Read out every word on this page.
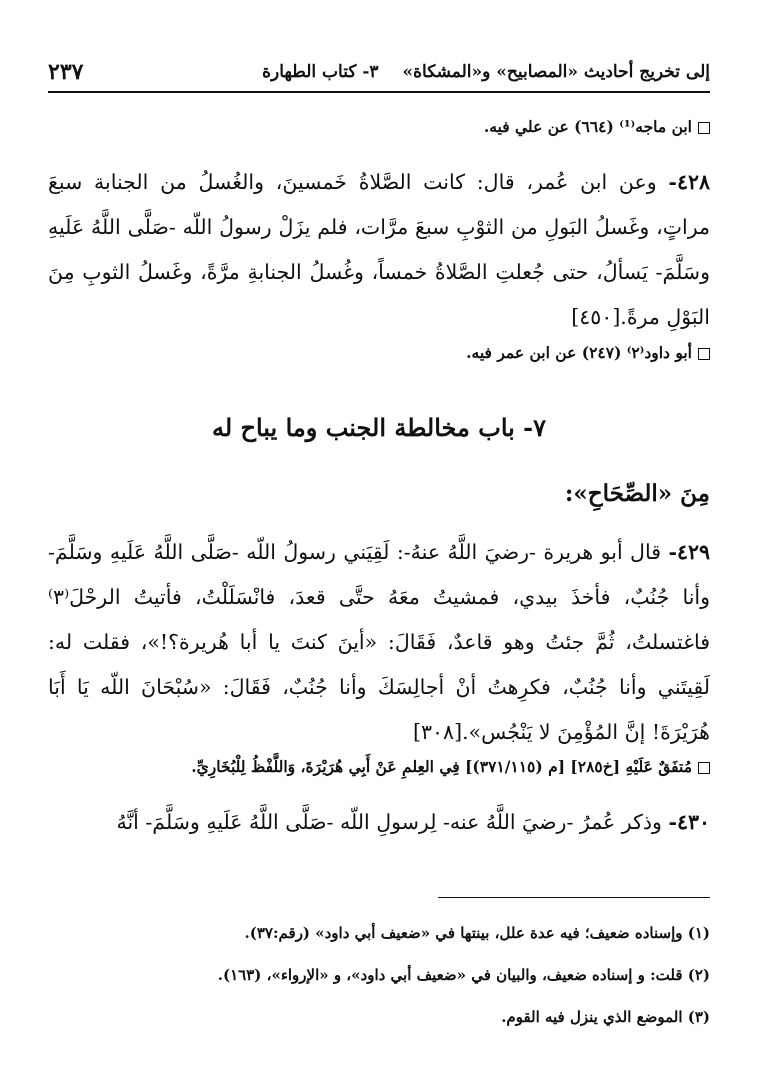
إلى تخريج أحاديث «المصابيح» و«المشكاة» ٣- كتاب الطهارة
٢٣٧
ابن ماجه⁽¹⁾ (٦٦٤) عن علي فيه.
٤٢٨- وعن ابن عُمر، قال: كانت الصَّلاةُ خَمسينَ، والغُسلُ من الجنابة سبعَ مراتٍ، وغَسلُ البَولِ من الثوْبِ سبعَ مرَّات، فلم يزَلْ رسولُ اللّه -صَلَّى اللَّهُ عَلَيهِ وسَلَّمَ- يَسألُ، حتى جُعلتِ الصَّلاةُ خمساً، وغُسلُ الجنابةِ مرَّةً، وغَسلُ الثوبِ مِنَ البَوْلِ مرةً.[٤٥٠]
أبو داود⁽٢⁾ (٢٤٧) عن ابن عمر فيه.
٧- باب مخالطة الجنب وما يباح له
مِنَ «الصِّحَاحِ»:
٤٢٩- قال أبو هريرة -رضيَ اللَّهُ عنهُ-: لَقِيَني رسولُ اللّه -صَلَّى اللَّهُ عَلَيهِ وسَلَّمَ- وأنا جُنُبٌ، فأخذَ بيدي، فمشيتُ معَهُ حتَّى قعدَ، فانْسَلَلْتُ، فأتيتُ الرحْلَ⁽٣⁾ فاغتسلتُ، ثُمَّ جئتُ وهو قاعدٌ، فَقَالَ: «أينَ كنتَ يا أبا هُريرة؟!»، فقلت له: لَقِيتَني وأنا جُنُبٌ، فكرِهتُ أنْ أجالِسَكَ وأنا جُنُبٌ، فَقَالَ: «سُبْحَانَ اللّه يَا أَبَا هُرَيْرَةَ! إنَّ المُؤْمِنَ لا يَنْجُس».[٣٠٨]
مُتفَقٌ عَلَيْهِ [خ٢٨٥] [م (٣٧١/١١٥)] فِي العِلمِ عَنْ أَبِي هُرَيْرَةَ، وَاللَّفْظُ لِلْبُخَارِيِّ.
٤٣٠- وذكر عُمرُ -رضيَ اللَّهُ عنه- لِرسولِ اللّه -صَلَّى اللَّهُ عَلَيهِ وسَلَّمَ- أنَّهُ
(١) وإسناده ضعيف؛ فيه عدة علل، بينتها في «ضعيف أبي داود» (رقم:٣٧).
(٢) قلت: و إسناده ضعيف، والبيان في «ضعيف أبي داود»، و «الإرواء»، (١٦٣).
(٣) الموضع الذي ينزل فيه القوم.
